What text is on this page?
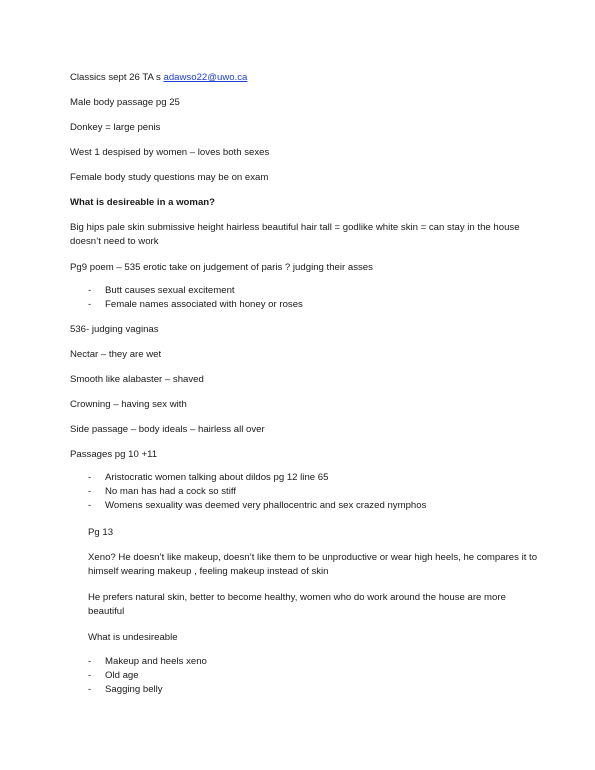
Classics sept 26 TA s adawso22@uwo.ca

Male body passage pg 25

Donkey = large penis

West 1 despised by women – loves both sexes

Female body study questions may be on exam

What is desireable in a woman?

Big hips pale skin submissive height hairless beautiful hair tall = godlike white skin = can stay in the house doesn’t need to work

Pg9 poem – 535 erotic take on judgement of paris ? judging their asses

- Butt causes sexual excitement
- Female names associated with honey or roses

536- judging vaginas

Nectar – they are wet

Smooth like alabaster – shaved

Crowning – having sex with

Side passage – body ideals – hairless all over

Passages pg 10 +11

- Aristocratic women talking about dildos pg 12 line 65
- No man has had a cock so stiff
- Womens sexuality was deemed very phallocentric and sex crazed nymphos

Pg 13

Xeno? He doesn’t like makeup, doesn’t like them to be unproductive or wear high heels, he compares it to himself wearing makeup , feeling makeup instead of skin

He prefers natural skin, better to become healthy, women who do work around the house are more beautiful

What is undesireable

- Makeup and heels xeno
- Old age
- Sagging belly
